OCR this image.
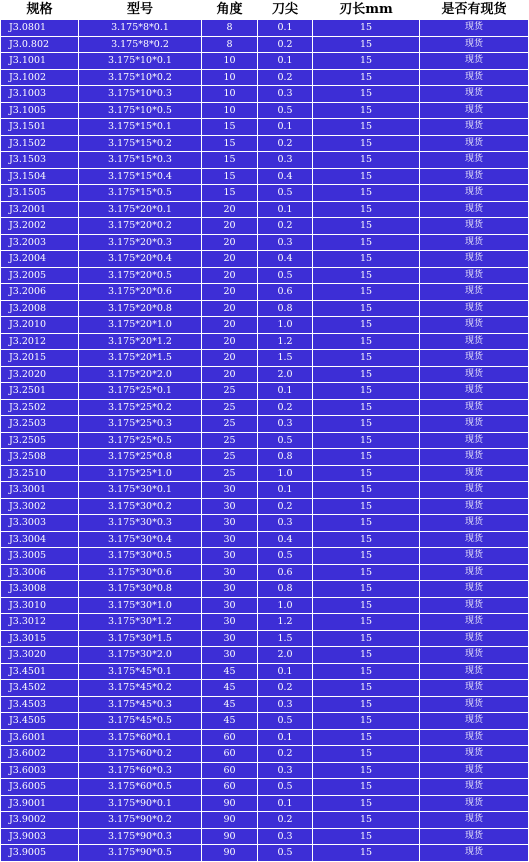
规格	型号	角度	刀尖	刃长mm	是否有现货
J3.0801	3.175*8*0.1	8	0.1	15	现货
J3.0.802	3.175*8*0.2	8	0.2	15	现货
J3.1001	3.175*10*0.1	10	0.1	15	现货
J3.1002	3.175*10*0.2	10	0.2	15	现货
J3.1003	3.175*10*0.3	10	0.3	15	现货
J3.1005	3.175*10*0.5	10	0.5	15	现货
J3.1501	3.175*15*0.1	15	0.1	15	现货
J3.1502	3.175*15*0.2	15	0.2	15	现货
J3.1503	3.175*15*0.3	15	0.3	15	现货
J3.1504	3.175*15*0.4	15	0.4	15	现货
J3.1505	3.175*15*0.5	15	0.5	15	现货
J3.2001	3.175*20*0.1	20	0.1	15	现货
J3.2002	3.175*20*0.2	20	0.2	15	现货
J3.2003	3.175*20*0.3	20	0.3	15	现货
J3.2004	3.175*20*0.4	20	0.4	15	现货
J3.2005	3.175*20*0.5	20	0.5	15	现货
J3.2006	3.175*20*0.6	20	0.6	15	现货
J3.2008	3.175*20*0.8	20	0.8	15	现货
J3.2010	3.175*20*1.0	20	1.0	15	现货
J3.2012	3.175*20*1.2	20	1.2	15	现货
J3.2015	3.175*20*1.5	20	1.5	15	现货
J3.2020	3.175*20*2.0	20	2.0	15	现货
J3.2501	3.175*25*0.1	25	0.1	15	现货
J3.2502	3.175*25*0.2	25	0.2	15	现货
J3.2503	3.175*25*0.3	25	0.3	15	现货
J3.2505	3.175*25*0.5	25	0.5	15	现货
J3.2508	3.175*25*0.8	25	0.8	15	现货
J3.2510	3.175*25*1.0	25	1.0	15	现货
J3.3001	3.175*30*0.1	30	0.1	15	现货
J3.3002	3.175*30*0.2	30	0.2	15	现货
J3.3003	3.175*30*0.3	30	0.3	15	现货
J3.3004	3.175*30*0.4	30	0.4	15	现货
J3.3005	3.175*30*0.5	30	0.5	15	现货
J3.3006	3.175*30*0.6	30	0.6	15	现货
J3.3008	3.175*30*0.8	30	0.8	15	现货
J3.3010	3.175*30*1.0	30	1.0	15	现货
J3.3012	3.175*30*1.2	30	1.2	15	现货
J3.3015	3.175*30*1.5	30	1.5	15	现货
J3.3020	3.175*30*2.0	30	2.0	15	现货
J3.4501	3.175*45*0.1	45	0.1	15	现货
J3.4502	3.175*45*0.2	45	0.2	15	现货
J3.4503	3.175*45*0.3	45	0.3	15	现货
J3.4505	3.175*45*0.5	45	0.5	15	现货
J3.6001	3.175*60*0.1	60	0.1	15	现货
J3.6002	3.175*60*0.2	60	0.2	15	现货
J3.6003	3.175*60*0.3	60	0.3	15	现货
J3.6005	3.175*60*0.5	60	0.5	15	现货
J3.9001	3.175*90*0.1	90	0.1	15	现货
J3.9002	3.175*90*0.2	90	0.2	15	现货
J3.9003	3.175*90*0.3	90	0.3	15	现货
J3.9005	3.175*90*0.5	90	0.5	15	现货
